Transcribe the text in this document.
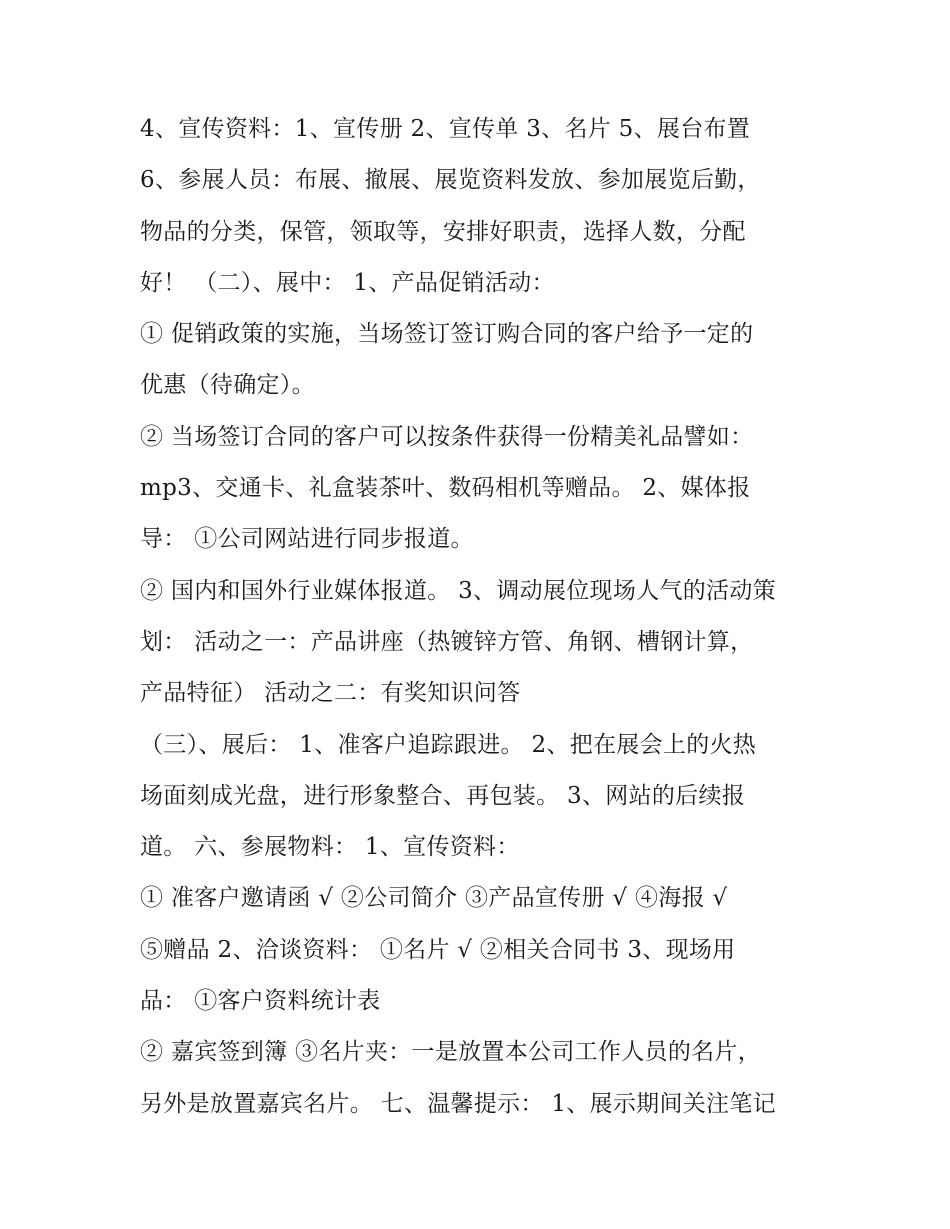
4、宣传资料：1、宣传册 2、宣传单 3、名片 5、展台布置
6、参展人员：布展、撤展、展览资料发放、参加展览后勤，
物品的分类，保管，领取等，安排好职责，选择人数，分配
好！ （二）、展中： 1、产品促销活动：
① 促销政策的实施，当场签订签订购合同的客户给予一定的
优惠（待确定）。
② 当场签订合同的客户可以按条件获得一份精美礼品譬如：
mp3、交通卡、礼盒装茶叶、数码相机等赠品。 2、媒体报
导： ①公司网站进行同步报道。
② 国内和国外行业媒体报道。 3、调动展位现场人气的活动策
划： 活动之一：产品讲座（热镀锌方管、角钢、槽钢计算，
产品特征） 活动之二：有奖知识问答
（三）、展后： 1、准客户追踪跟进。 2、把在展会上的火热
场面刻成光盘，进行形象整合、再包装。 3、网站的后续报
道。 六、参展物料： 1、宣传资料：
① 准客户邀请函 √ ②公司简介 ③产品宣传册 √ ④海报 √
⑤赠品 2、洽谈资料： ①名片 √ ②相关合同书 3、现场用
品： ①客户资料统计表
② 嘉宾签到簿 ③名片夹：一是放置本公司工作人员的名片，
另外是放置嘉宾名片。 七、温馨提示： 1、展示期间关注笔记
